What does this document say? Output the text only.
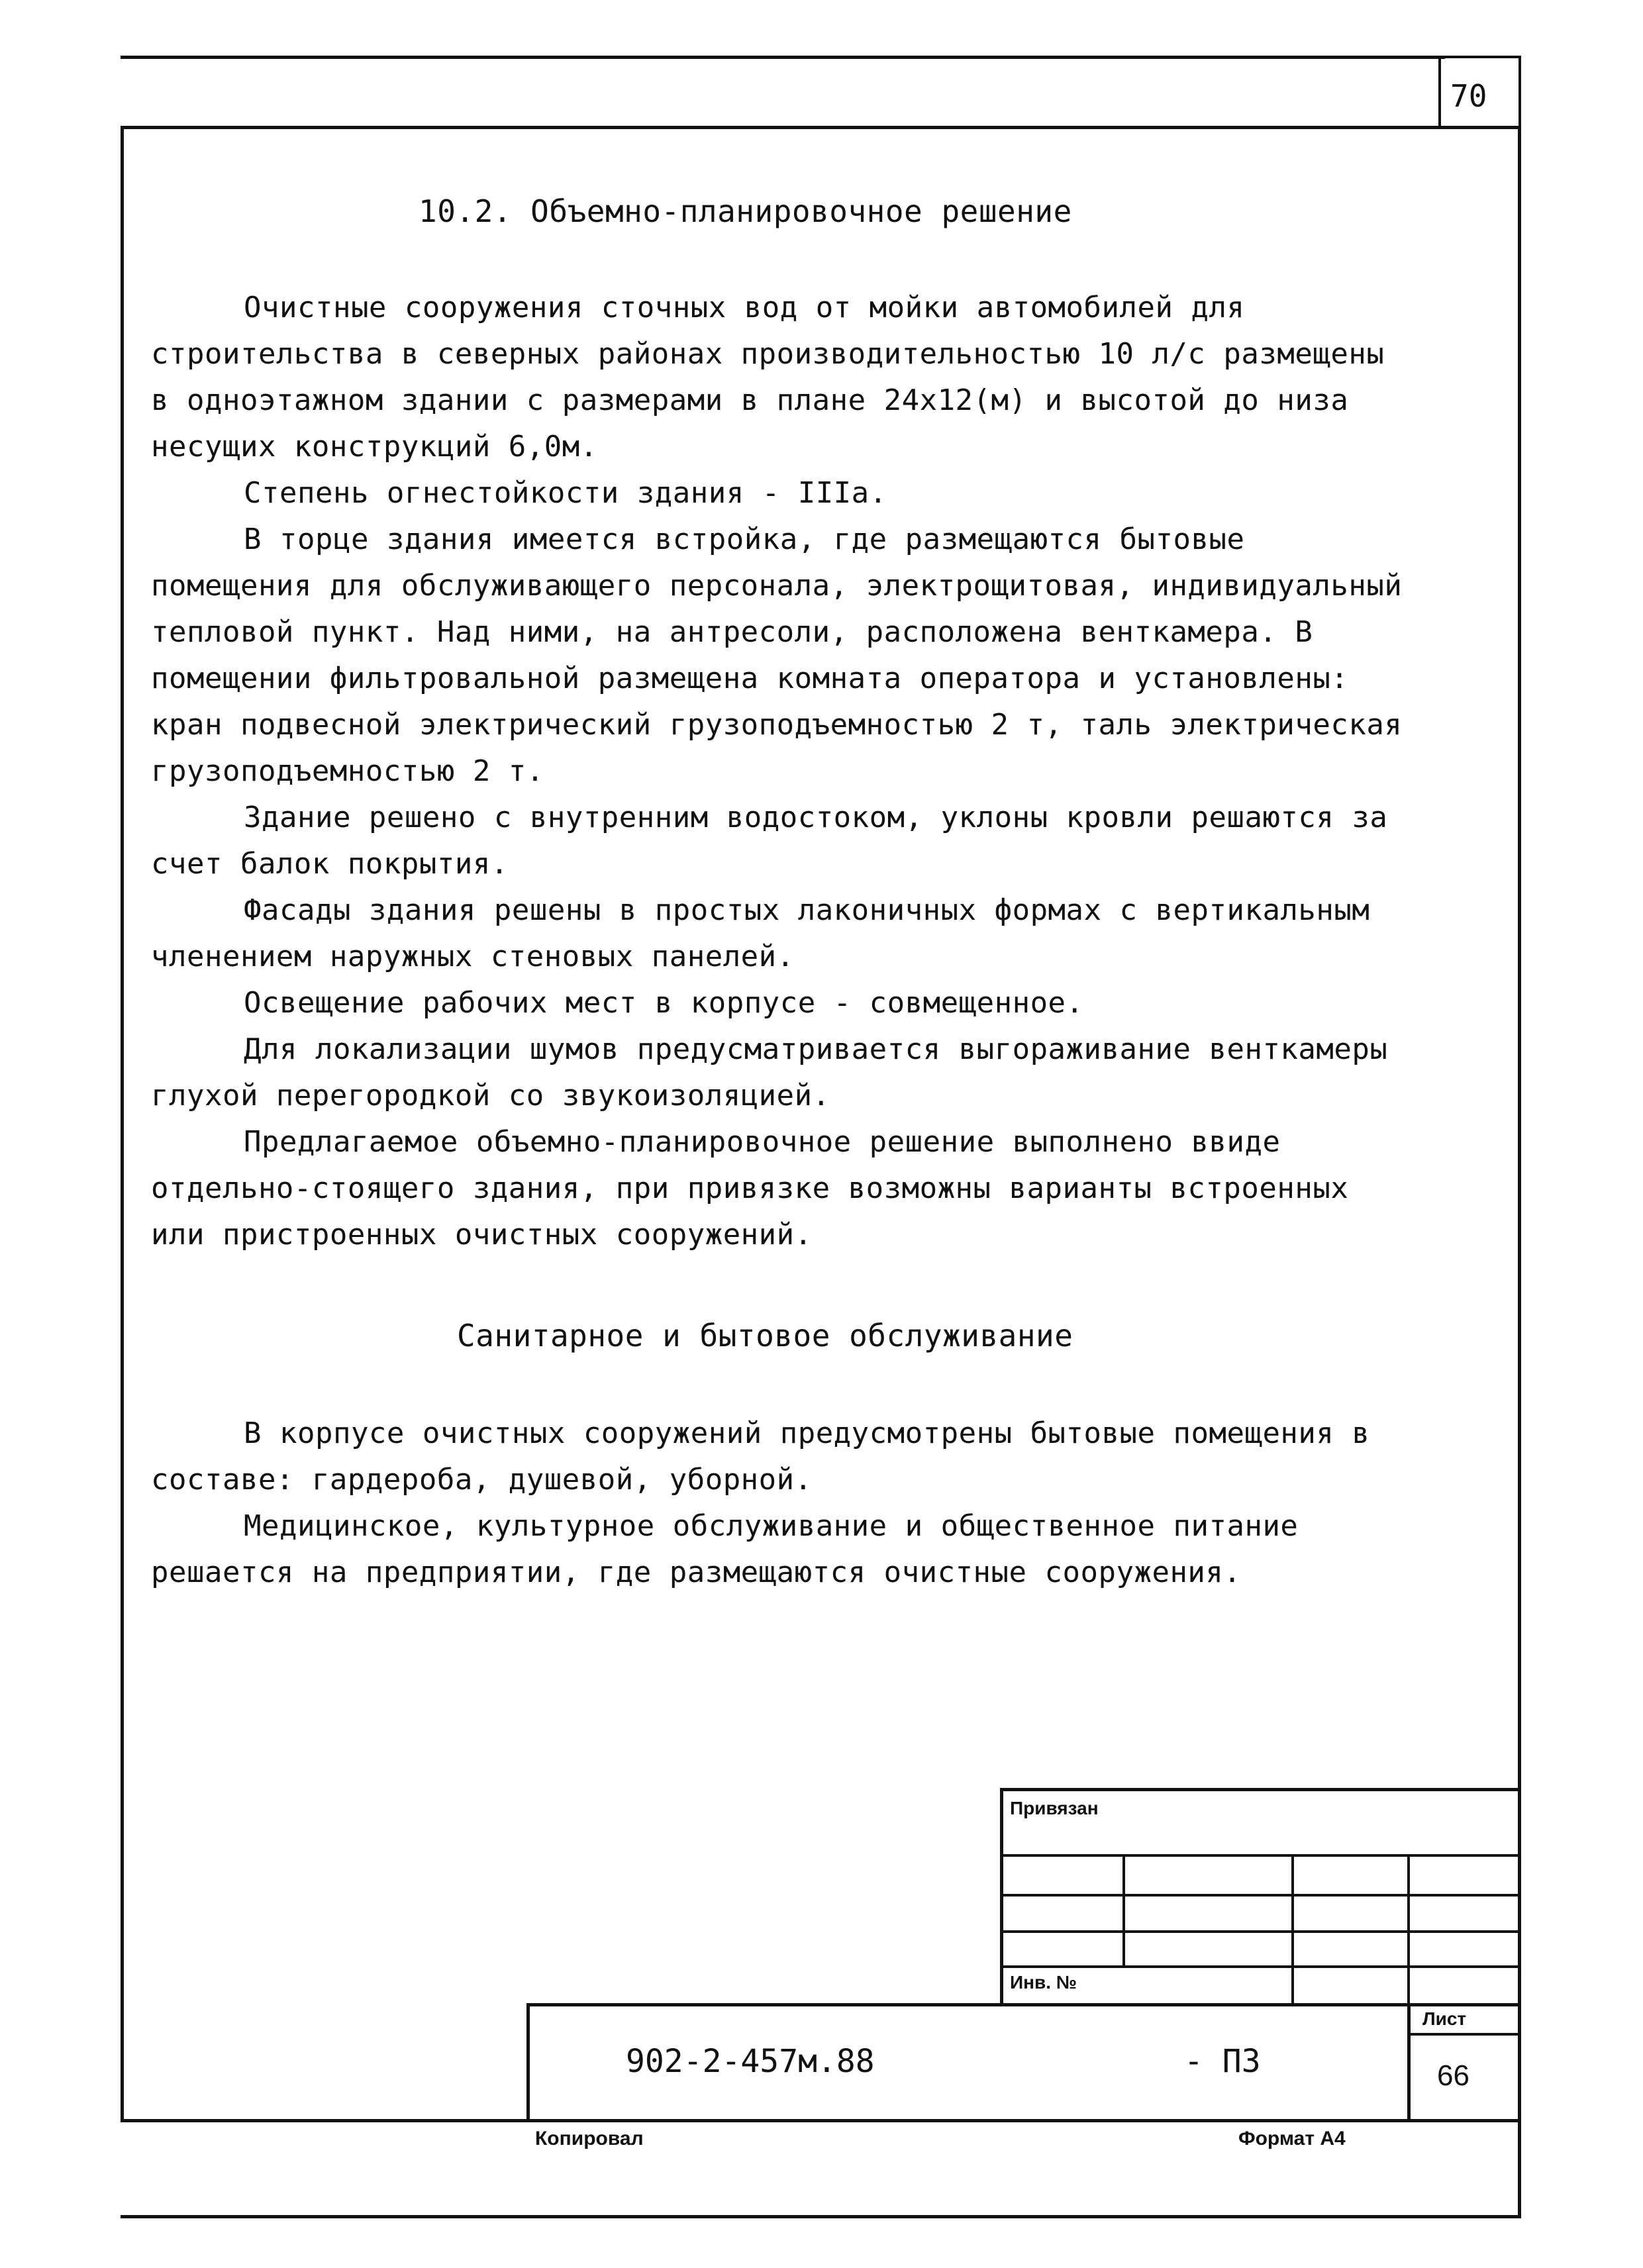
70
10.2. Объемно-планировочное решение

Очистные сооружения сточных вод от мойки автомобилей для строительства в северных районах производительностью 10 л/с размещены в одноэтажном здании с размерами в плане 24х12(м) и высотой до низа несущих конструкций 6,0м.

Степень огнестойкости здания - IIIа.

В торце здания имеется встройка, где размещаются бытовые помещения для обслуживающего персонала, электрощитовая, индивидуальный тепловой пункт. Над ними, на антресоли, расположена венткамера. В помещении фильтровальной размещена комната оператора и установлены: кран подвесной электрический грузоподъемностью 2 т, таль электрическая грузоподъемностью 2 т.

Здание решено с внутренним водостоком, уклоны кровли решаются за счет балок покрытия.

Фасады здания решены в простых лаконичных формах с вертикальным членением наружных стеновых панелей.

Освещение рабочих мест в корпусе - совмещенное.

Для локализации шумов предусматривается выгораживание венткамеры глухой перегородкой со звукоизоляцией.

Предлагаемое объемно-планировочное решение выполнено ввиде отдельно-стоящего здания, при привязке возможны варианты встроенных или пристроенных очистных сооружений.

Санитарное и бытовое обслуживание

В корпусе очистных сооружений предусмотрены бытовые помещения в составе: гардероба, душевой, уборной.

Медицинское, культурное обслуживание и общественное питание решается на предприятии, где размещаются очистные сооружения.

Привязан
Инв. №
902-2-457м.88	- ПЗ
Лист
66
Копировал	Формат А4
